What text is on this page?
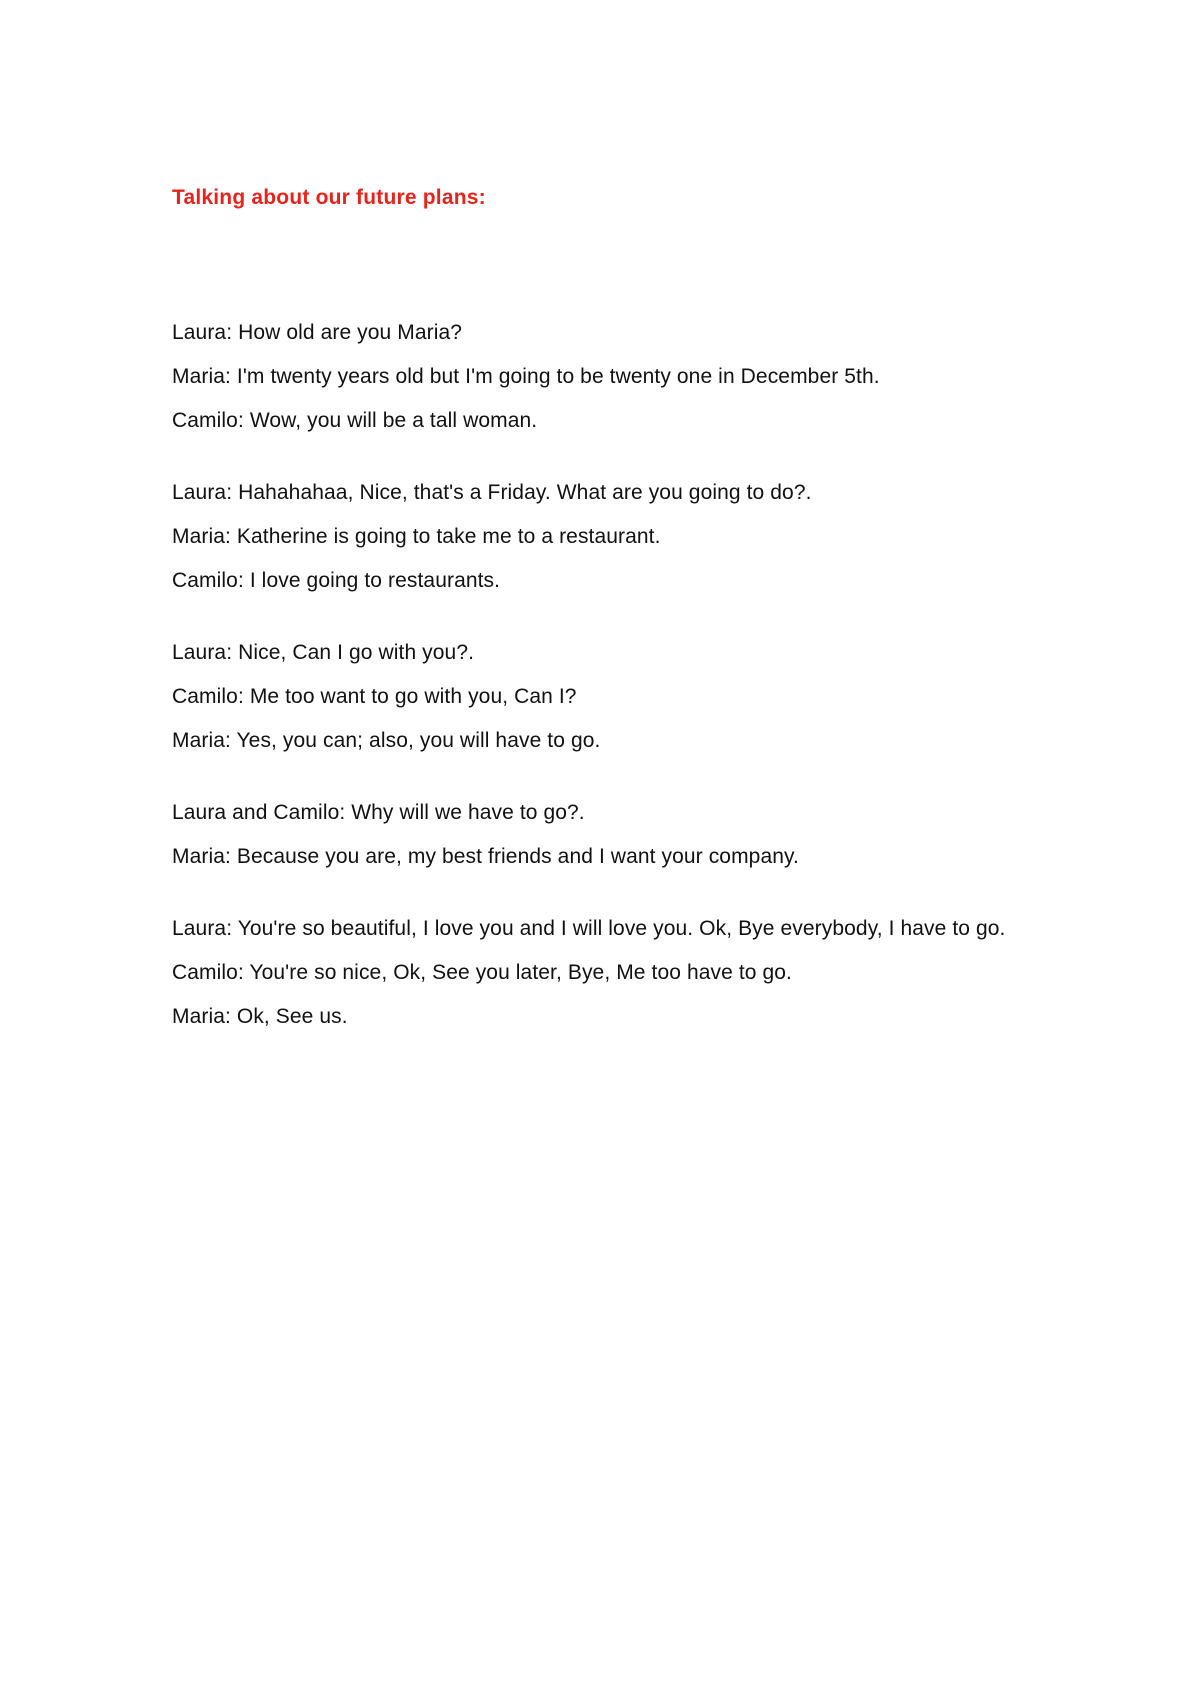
Talking about our future plans:

Laura: How old are you Maria?

Maria: I'm twenty years old but I'm going to be twenty one in December 5th.

Camilo: Wow, you will be a tall woman.

Laura: Hahahahaa, Nice, that's a Friday. What are you going to do?.

Maria: Katherine is going to take me to a restaurant.

Camilo: I love going to restaurants.

Laura: Nice, Can I go with you?.

Camilo: Me too want to go with you, Can I?

Maria: Yes, you can; also, you will have to go.

Laura and Camilo: Why will we have to go?.

Maria: Because you are, my best friends and I want your company.

Laura: You're so beautiful, I love you and I will love you. Ok, Bye everybody, I have to go.

Camilo: You're so nice, Ok, See you later, Bye, Me too have to go.

Maria: Ok, See us.
